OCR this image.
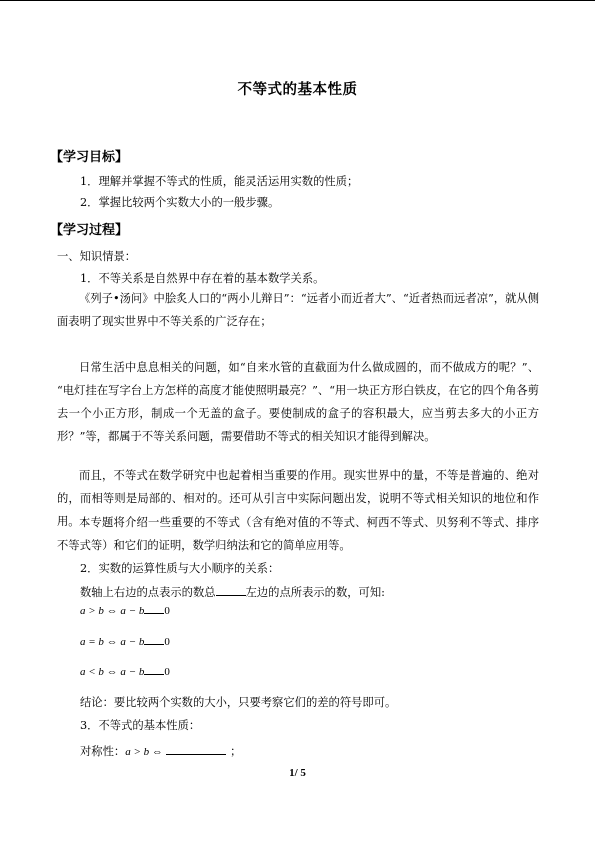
不等式的基本性质
【学习目标】
1．理解并掌握不等式的性质，能灵活运用实数的性质；
2．掌握比较两个实数大小的一般步骤。
【学习过程】
一、知识情景：
1．不等关系是自然界中存在着的基本数学关系。
《列子•汤问》中脍炙人口的“两小儿辩日”：“远者小而近者大”、“近者热而远者凉”，就从侧面表明了现实世界中不等关系的广泛存在；
日常生活中息息相关的问题，如“自来水管的直截面为什么做成圆的，而不做成方的呢？”、 “电灯挂在写字台上方怎样的高度才能使照明最亮？”、“用一块正方形白铁皮，在它的四个角各剪去一个小正方形，制成一个无盖的盒子。要使制成的盒子的容积最大，应当剪去多大的小正方形？”等，都属于不等关系问题，需要借助不等式的相关知识才能得到解决。
而且，不等式在数学研究中也起着相当重要的作用。现实世界中的量，不等是普遍的、绝对的，而相等则是局部的、相对的。还可从引言中实际问题出发，说明不等式相关知识的地位和作用。 本专题将介绍一些重要的不等式（含有绝对值的不等式、柯西不等式、贝努利不等式、排序不等式等）和它们的证明，数学归纳法和它的简单应用等。
2．实数的运算性质与大小顺序的关系：
数轴上右边的点表示的数总	左边的点所表示的数，可知:
a > b ⇔ a − b 0
a = b ⇔ a − b 0
a < b ⇔ a − b 0
结论：要比较两个实数的大小，只要考察它们的差的符号即可。
3．不等式的基本性质：
对称性：a > b ⇔	；
1/ 5
